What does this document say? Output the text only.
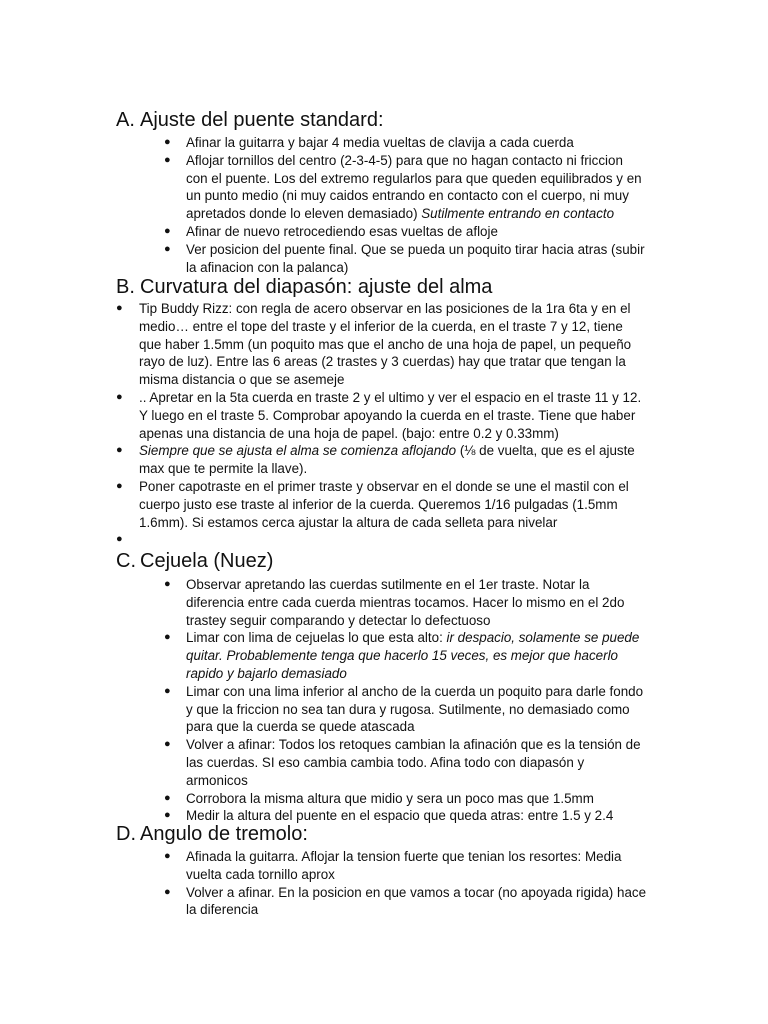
A. Ajuste del puente standard:
● Afinar la guitarra y bajar 4 media vueltas de clavija a cada cuerda
● Aflojar tornillos del centro (2-3-4-5) para que no hagan contacto ni friccion
con el puente. Los del extremo regularlos para que queden equilibrados y en
un punto medio (ni muy caidos entrando en contacto con el cuerpo, ni muy
apretados donde lo eleven demasiado) Sutilmente entrando en contacto
● Afinar de nuevo retrocediendo esas vueltas de afloje
● Ver posicion del puente final. Que se pueda un poquito tirar hacia atras (subir
la afinacion con la palanca)
B. Curvatura del diapasón: ajuste del alma
● Tip Buddy Rizz: con regla de acero observar en las posiciones de la 1ra 6ta y en el
medio… entre el tope del traste y el inferior de la cuerda, en el traste 7 y 12, tiene
que haber 1.5mm (un poquito mas que el ancho de una hoja de papel, un pequeño
rayo de luz). Entre las 6 areas (2 trastes y 3 cuerdas) hay que tratar que tengan la
misma distancia o que se asemeje
● .. Apretar en la 5ta cuerda en traste 2 y el ultimo y ver el espacio en el traste 11 y 12.
Y luego en el traste 5. Comprobar apoyando la cuerda en el traste. Tiene que haber
apenas una distancia de una hoja de papel. (bajo: entre 0.2 y 0.33mm)
● Siempre que se ajusta el alma se comienza aflojando (⅛ de vuelta, que es el ajuste
max que te permite la llave).
● Poner capotraste en el primer traste y observar en el donde se une el mastil con el
cuerpo justo ese traste al inferior de la cuerda. Queremos 1/16 pulgadas (1.5mm
1.6mm). Si estamos cerca ajustar la altura de cada selleta para nivelar
●

C. Cejuela (Nuez)
● Observar apretando las cuerdas sutilmente en el 1er traste. Notar la
diferencia entre cada cuerda mientras tocamos. Hacer lo mismo en el 2do
trastey seguir comparando y detectar lo defectuoso
● Limar con lima de cejuelas lo que esta alto: ir despacio, solamente se puede
quitar. Probablemente tenga que hacerlo 15 veces, es mejor que hacerlo
rapido y bajarlo demasiado
● Limar con una lima inferior al ancho de la cuerda un poquito para darle fondo
y que la friccion no sea tan dura y rugosa. Sutilmente, no demasiado como
para que la cuerda se quede atascada
● Volver a afinar: Todos los retoques cambian la afinación que es la tensión de
las cuerdas. SI eso cambia cambia todo. Afina todo con diapasón y
armonicos
● Corrobora la misma altura que midio y sera un poco mas que 1.5mm
● Medir la altura del puente en el espacio que queda atras: entre 1.5 y 2.4
D. Angulo de tremolo:
● Afinada la guitarra. Aflojar la tension fuerte que tenian los resortes: Media
vuelta cada tornillo aprox
● Volver a afinar. En la posicion en que vamos a tocar (no apoyada rigida) hace
la diferencia
